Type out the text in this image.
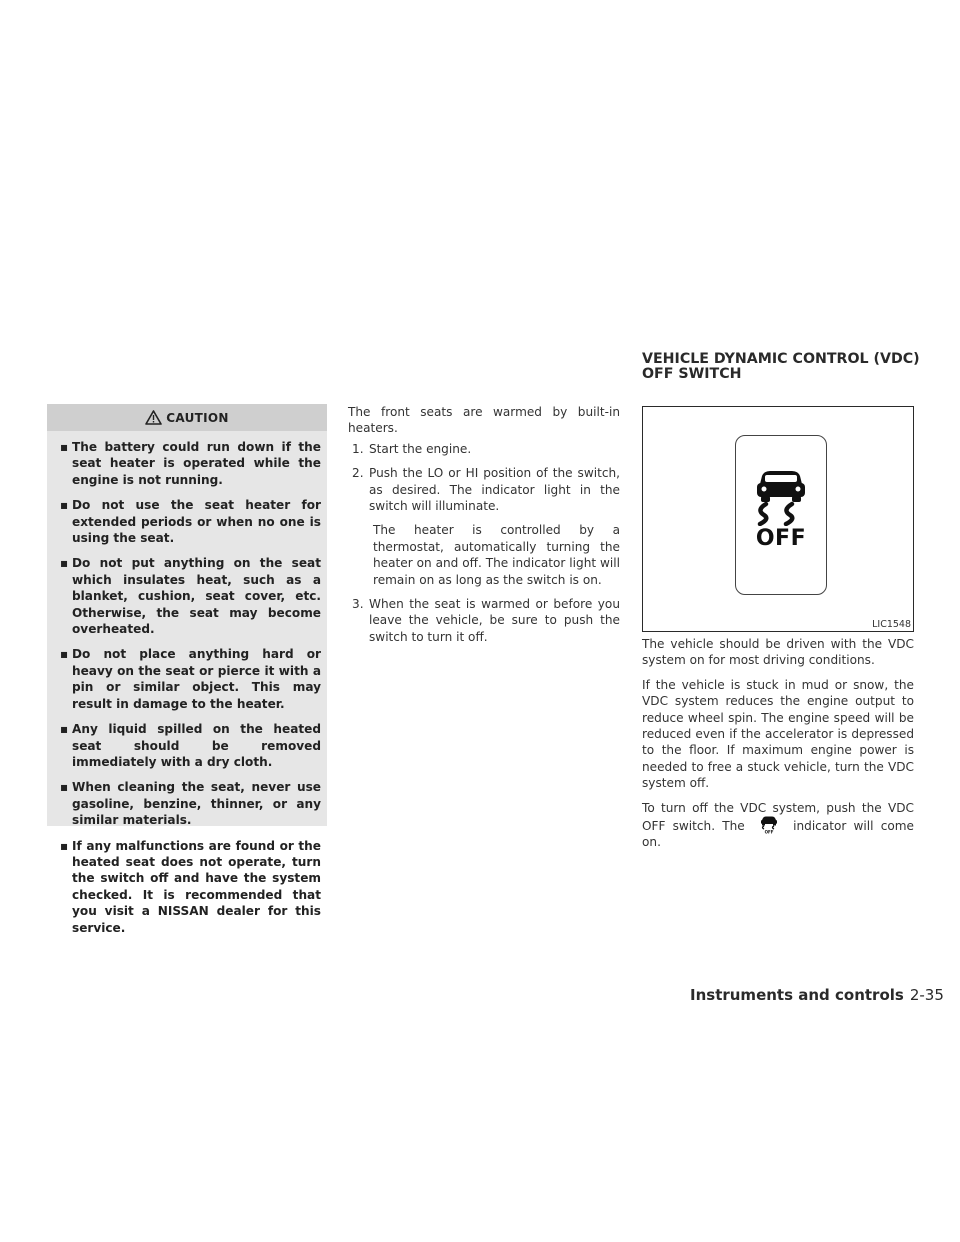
CAUTION
▪ The battery could run down if the seat heater is operated while the engine is not running.
▪ Do not use the seat heater for extended periods or when no one is using the seat.
▪ Do not put anything on the seat which insulates heat, such as a blanket, cushion, seat cover, etc. Otherwise, the seat may become overheated.
▪ Do not place anything hard or heavy on the seat or pierce it with a pin or similar object. This may result in damage to the heater.
▪ Any liquid spilled on the heated seat should be removed immediately with a dry cloth.
▪ When cleaning the seat, never use gasoline, benzine, thinner, or any similar materials.
▪ If any malfunctions are found or the heated seat does not operate, turn the switch off and have the system checked. It is recommended that you visit a NISSAN dealer for this service.

The front seats are warmed by built-in heaters.

1. Start the engine.
2. Push the LO or HI position of the switch, as desired. The indicator light in the switch will illuminate.
The heater is controlled by a thermostat, automatically turning the heater on and off. The indicator light will remain on as long as the switch is on.
3. When the seat is warmed or before you leave the vehicle, be sure to push the switch to turn it off.
VEHICLE DYNAMIC CONTROL (VDC)
OFF SWITCH
OFF
LIC1548

The vehicle should be driven with the VDC system on for most driving conditions.

If the vehicle is stuck in mud or snow, the VDC system reduces the engine output to reduce wheel spin. The engine speed will be reduced even if the accelerator is depressed to the floor. If maximum engine power is needed to free a stuck vehicle, turn the VDC system off.

To turn off the VDC system, push the VDC OFF switch. The	OFF indicator will come on.

Instruments and controls 2-35
